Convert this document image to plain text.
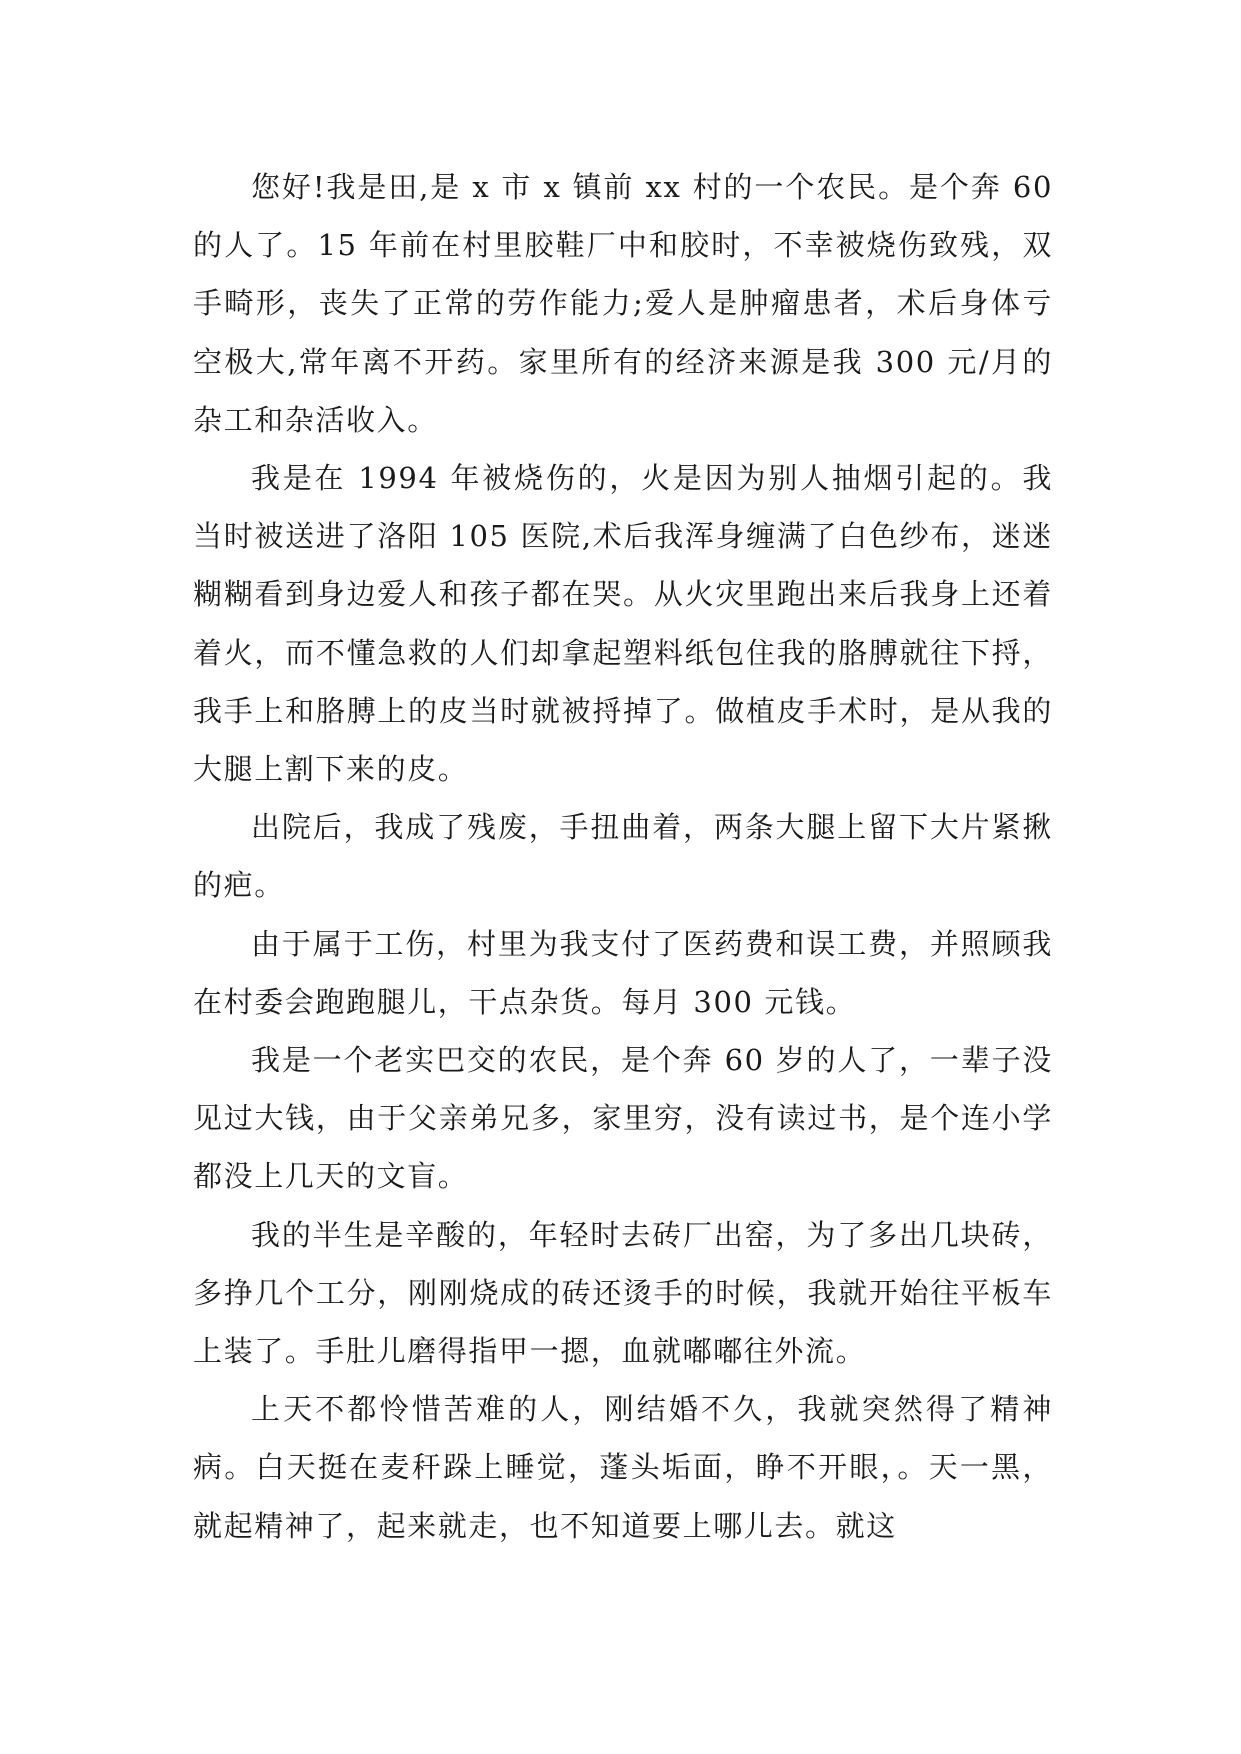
您好!我是田,是 x 市 x 镇前 xx 村的一个农民。是个奔 60 的人了。15 年前在村里胶鞋厂中和胶时，不幸被烧伤致残，双手畸形，丧失了正常的劳作能力;爱人是肿瘤患者，术后身体亏空极大,常年离不开药。家里所有的经济来源是我 300 元/月的杂工和杂活收入。

我是在 1994 年被烧伤的，火是因为别人抽烟引起的。我当时被送进了洛阳 105 医院,术后我浑身缠满了白色纱布，迷迷糊糊看到身边爱人和孩子都在哭。从火灾里跑出来后我身上还着着火，而不懂急救的人们却拿起塑料纸包住我的胳膊就往下捋，我手上和胳膊上的皮当时就被捋掉了。做植皮手术时，是从我的大腿上割下来的皮。

出院后，我成了残废，手扭曲着，两条大腿上留下大片紧揪的疤。

由于属于工伤，村里为我支付了医药费和误工费，并照顾我在村委会跑跑腿儿，干点杂货。每月 300 元钱。

我是一个老实巴交的农民，是个奔 60 岁的人了，一辈子没见过大钱，由于父亲弟兄多，家里穷，没有读过书，是个连小学都没上几天的文盲。

我的半生是辛酸的，年轻时去砖厂出窑，为了多出几块砖，多挣几个工分，刚刚烧成的砖还烫手的时候，我就开始往平板车上装了。手肚儿磨得指甲一摁，血就嘟嘟往外流。

上天不都怜惜苦难的人，刚结婚不久，我就突然得了精神病。白天挺在麦秆跺上睡觉，蓬头垢面，睁不开眼，。天一黑，就起精神了，起来就走，也不知道要上哪儿去。就这
